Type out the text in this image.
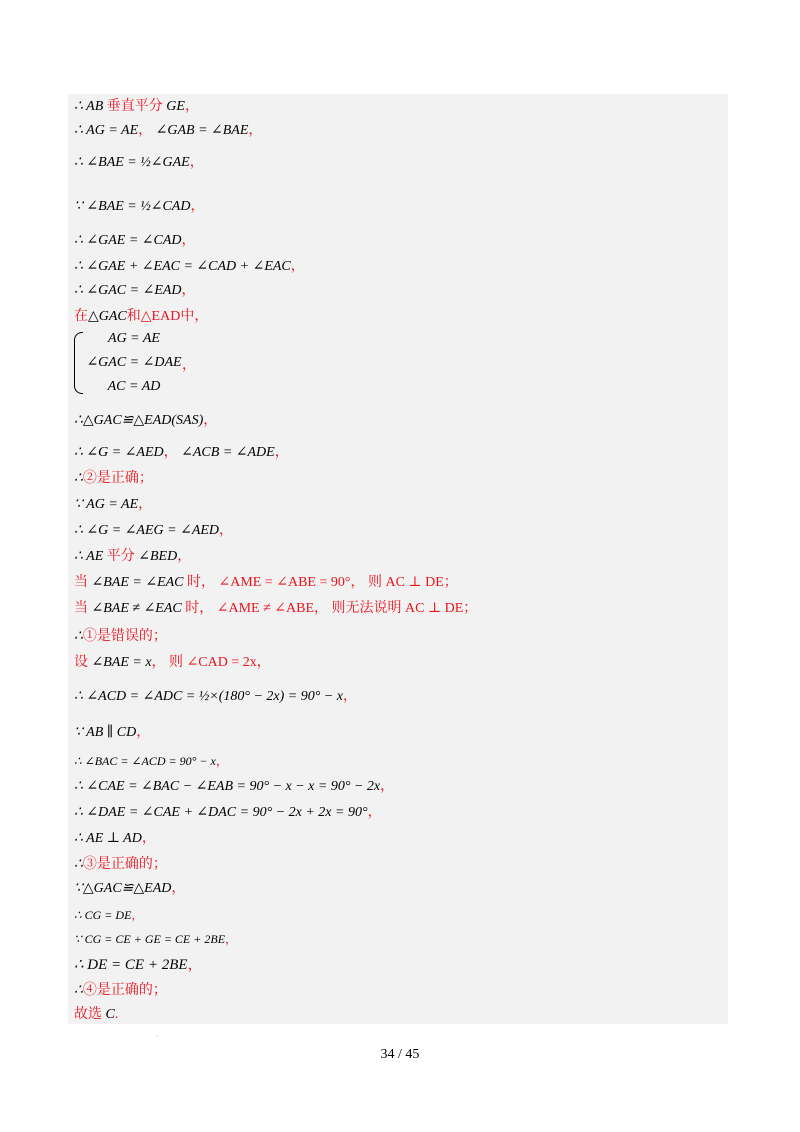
∴ AB 垂直平分 GE，
∴ AG = AE， ∠GAB = ∠BAE，
∴ ∠BAE = ½∠GAE，
∵ ∠BAE = ½∠CAD，
∴ ∠GAE = ∠CAD，
∴ ∠GAE + ∠EAC = ∠CAD + ∠EAC，
∴ ∠GAC = ∠EAD，
在△GAC和△EAD中，
AG = AE
∠GAC = ∠DAE
AC = AD
，
∴△GAC≌△EAD(SAS)，
∴ ∠G = ∠AED， ∠ACB = ∠ADE，
∴②是正确；
∵ AG = AE，
∴ ∠G = ∠AEG = ∠AED，
∴ AE 平分 ∠BED，
当 ∠BAE = ∠EAC 时， ∠AME = ∠ABE = 90°， 则 AC ⊥ DE；
当 ∠BAE ≠ ∠EAC 时， ∠AME ≠ ∠ABE， 则无法说明 AC ⊥ DE；
∴①是错误的；
设 ∠BAE = x， 则 ∠CAD = 2x，
∴ ∠ACD = ∠ADC = ½×(180° − 2x) = 90° − x，
∵ AB ∥ CD，
∴ ∠BAC = ∠ACD = 90° − x，
∴ ∠CAE = ∠BAC − ∠EAB = 90° − x − x = 90° − 2x，
∴ ∠DAE = ∠CAE + ∠DAC = 90° − 2x + 2x = 90°，
∴ AE ⊥ AD，
∴③是正确的；
∵△GAC≌△EAD，
∴ CG = DE，
∵ CG = CE + GE = CE + 2BE，
∴ DE = CE + 2BE，
∴④是正确的；
故选 C.
·
34 / 45
